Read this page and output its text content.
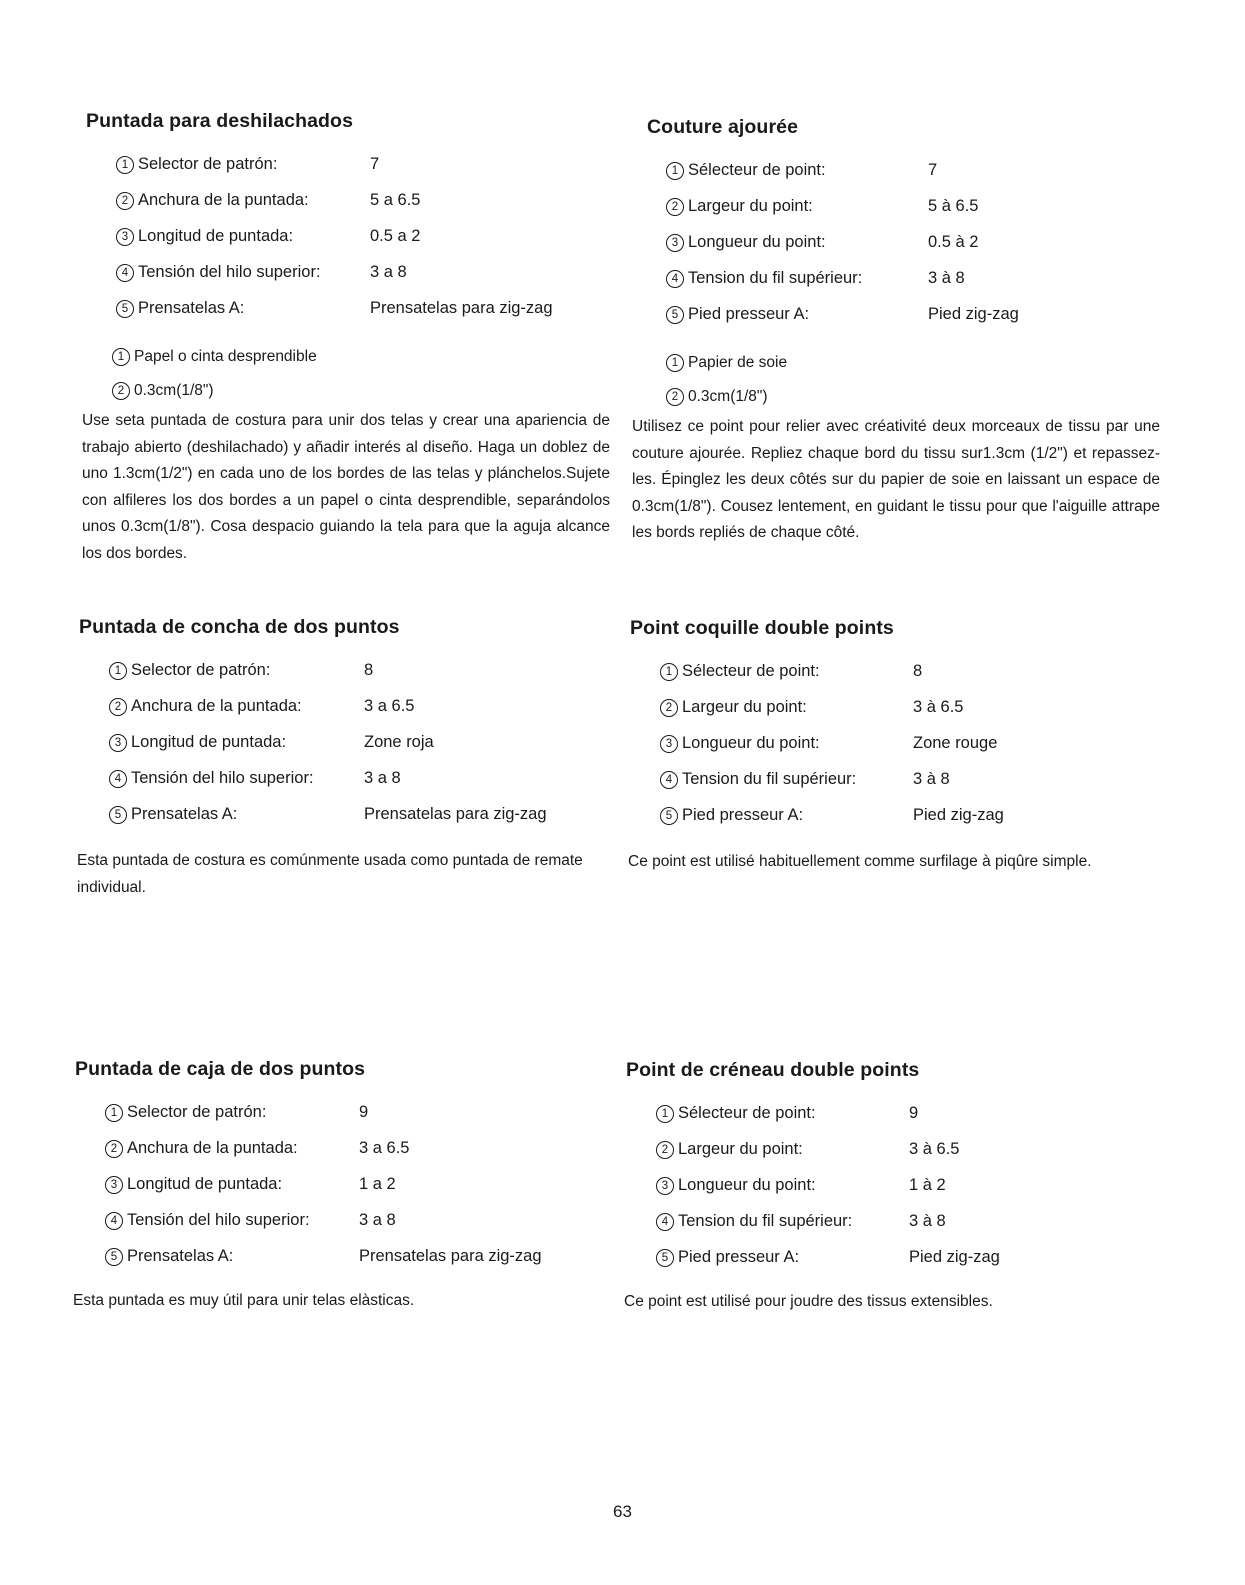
Puntada para deshilachados
1 Selector de patrón:	7
2 Anchura de la puntada:	5 a 6.5
3 Longitud de puntada:	0.5 a 2
4 Tensión del hilo superior:	3 a 8
5 Prensatelas A:	Prensatelas para zig-zag
1 Papel o cinta desprendible
2 0.3cm(1/8")

Use seta puntada de costura para unir dos telas y crear una apariencia de trabajo abierto (deshilachado) y añadir interés al diseño. Haga un doblez de uno 1.3cm(1/2") en cada uno de los bordes de las telas y plánchelos.Sujete con alfileres los dos bordes a un papel o cinta desprendible, separándolos unos 0.3cm(1/8"). Cosa despacio guiando la tela para que la aguja alcance los dos bordes.

Couture ajourée
1 Sélecteur de point:	7
2 Largeur du point:	5 à 6.5
3 Longueur du point:	0.5 à 2
4 Tension du fil supérieur:	3 à 8
5 Pied presseur A:	Pied zig-zag
1 Papier de soie
2 0.3cm(1/8")

Utilisez ce point pour relier avec créativité deux morceaux de tissu par une couture ajourée. Repliez chaque bord du tissu sur1.3cm (1/2") et repassez-les. Épinglez les deux côtés sur du papier de soie en laissant un espace de 0.3cm(1/8"). Cousez lentement, en guidant le tissu pour que l'aiguille attrape les bords repliés de chaque côté.

Puntada de concha de dos puntos
1 Selector de patrón:	8
2 Anchura de la puntada:	3 a 6.5
3 Longitud de puntada:	Zone roja
4 Tensión del hilo superior:	3 a 8
5 Prensatelas A:	Prensatelas para zig-zag

Esta puntada de costura es comúnmente usada como puntada de remate individual.

Point coquille double points
1 Sélecteur de point:	8
2 Largeur du point:	3 à 6.5
3 Longueur du point:	Zone rouge
4 Tension du fil supérieur:	3 à 8
5 Pied presseur A:	Pied zig-zag

Ce point est utilisé habituellement comme surfilage à piqûre simple.

Puntada de caja de dos puntos
1 Selector de patrón:	9
2 Anchura de la puntada:	3 a 6.5
3 Longitud de puntada:	1 a 2
4 Tensión del hilo superior:	3 a 8
5 Prensatelas A:	Prensatelas para zig-zag

Esta puntada es muy útil para unir telas elàsticas.

Point de créneau double points
1 Sélecteur de point:	9
2 Largeur du point:	3 à 6.5
3 Longueur du point:	1 à 2
4 Tension du fil supérieur:	3 à 8
5 Pied presseur A:	Pied zig-zag

Ce point est utilisé pour joudre des tissus extensibles.

63
